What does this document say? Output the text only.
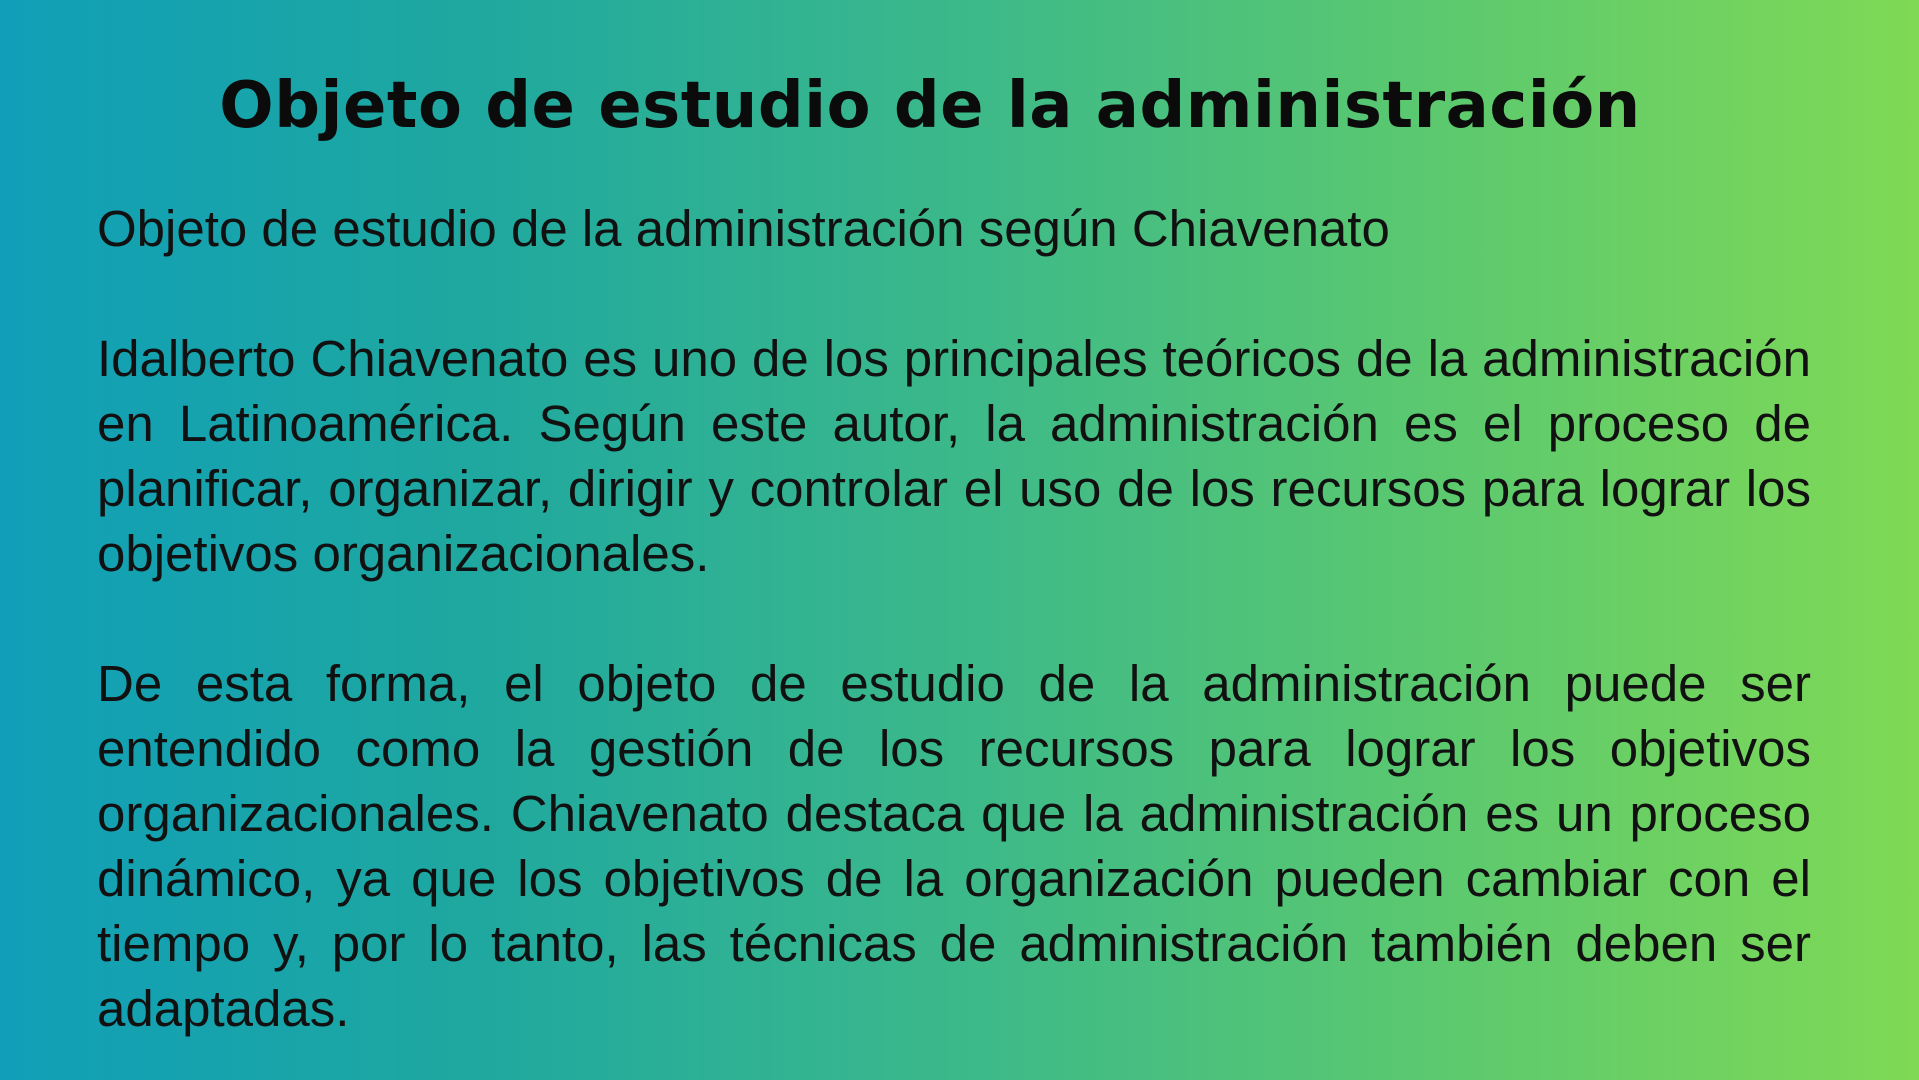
Objeto de estudio de la administración

Objeto de estudio de la administración según Chiavenato

Idalberto Chiavenato es uno de los principales teóricos de la administración en Latinoamérica. Según este autor, la administración es el proceso de planificar, organizar, dirigir y controlar el uso de los recursos para lograr los objetivos organizacionales.

De esta forma, el objeto de estudio de la administración puede ser entendido como la gestión de los recursos para lograr los objetivos organizacionales. Chiavenato destaca que la administración es un proceso dinámico, ya que los objetivos de la organización pueden cambiar con el tiempo y, por lo tanto, las técnicas de administración también deben ser adaptadas.
